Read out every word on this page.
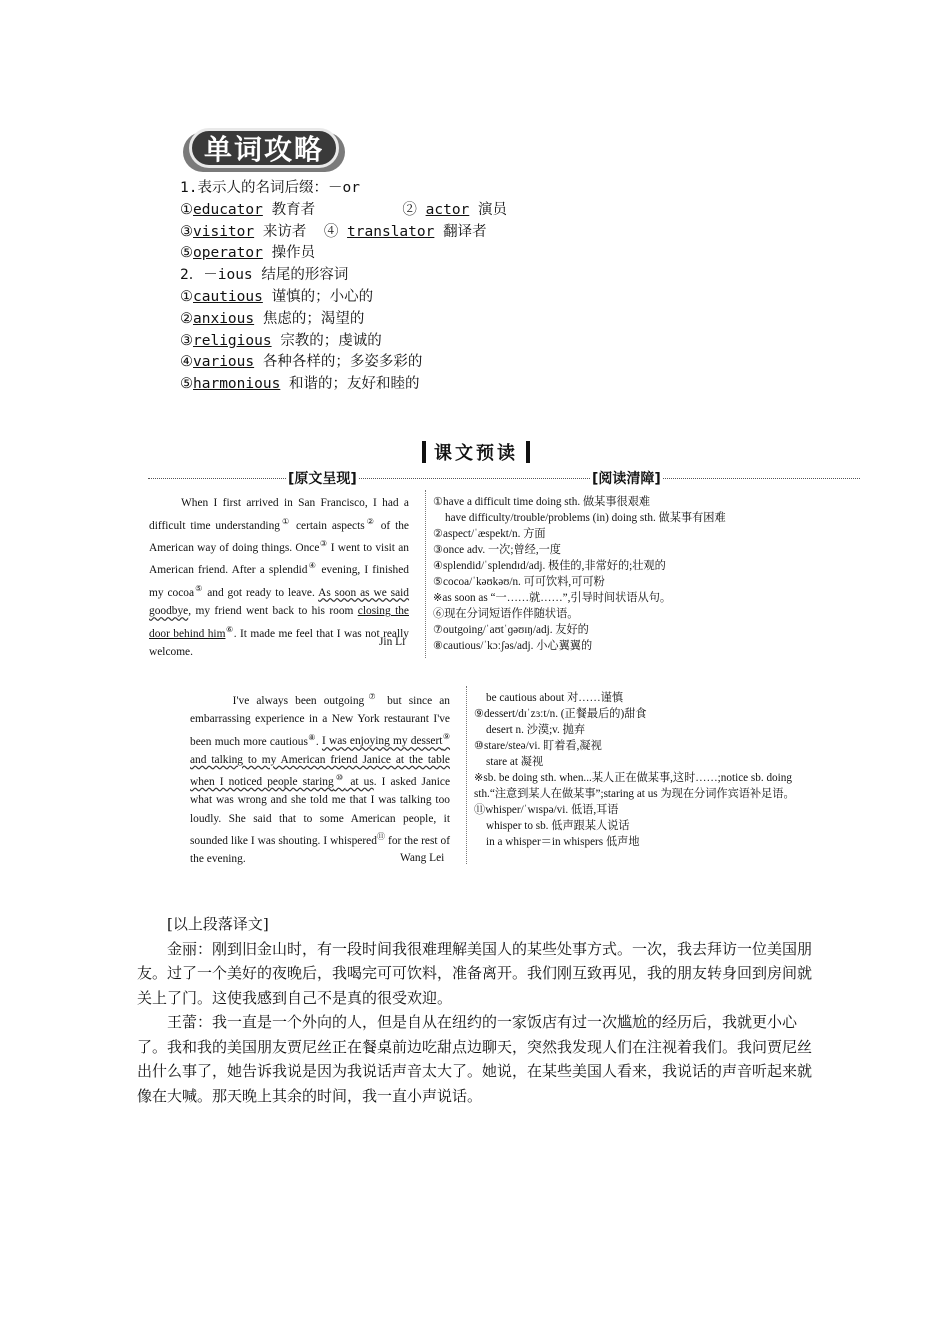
单词攻略
1.表示人的名词后缀：－or
①educator 教育者	② actor 演员
③visitor 来访者 ④ translator 翻译者
⑤operator 操作员
2．－ious 结尾的形容词
①cautious 谨慎的；小心的
②anxious 焦虑的；渴望的
③religious 宗教的；虔诚的
④various 各种各样的；多姿多彩的
⑤harmonious 和谐的；友好和睦的
课文预读
[原文呈现]	[阅读清障]
When I first arrived in San Francisco, I had a difficult time understanding① certain aspects② of the American way of doing things. Once③ I went to visit an American friend. After a splendid④ evening, I finished my cocoa⑤ and got ready to leave. As soon as we said goodbye, my friend went back to his room closing the door behind him⑥. It made me feel that I was not really welcome.
Jin Li
①have a difficult time doing sth. 做某事很艰难
have difficulty/trouble/problems (in) doing sth. 做某事有困难
②aspect/ˈæspekt/n. 方面
③once adv. 一次;曾经,一度
④splendid/ˈsplendɪd/adj. 极佳的,非常好的;壮观的
⑤cocoa/ˈkəʊkəʊ/n. 可可饮料,可可粉
※as soon as “一……就……”,引导时间状语从句。
⑥现在分词短语作伴随状语。
⑦outgoing/ˈaʊtˈɡəʊɪŋ/adj. 友好的
⑧cautious/ˈkɔːʃəs/adj. 小心翼翼的
I've always been outgoing⑦ but since an embarrassing experience in a New York restaurant I've been much more cautious⑧. I was enjoying my dessert⑨ and talking to my American friend Janice at the table when I noticed people staring⑩ at us. I asked Janice what was wrong and she told me that I was talking too loudly. She said that to some American people, it sounded like I was shouting. I whispered⑪ for the rest of the evening.	Wang Lei
be cautious about 对……谨慎
⑨dessert/dɪˈzɜːt/n. (正餐最后的)甜食
desert n. 沙漠;v. 抛弃
⑩stare/steə/vi. 盯着看,凝视
stare at 凝视
※sb. be doing sth. when...某人正在做某事,这时……;notice sb. doing
sth.“注意到某人在做某事”;staring at us 为现在分词作宾语补足语。
⑪whisper/ˈwɪspə/vi. 低语,耳语
whisper to sb. 低声跟某人说话
in a whisper＝in whispers 低声地

[以上段落译文]

金丽：刚到旧金山时，有一段时间我很难理解美国人的某些处事方式。一次，我去拜访一位美国朋友。过了一个美好的夜晚后，我喝完可可饮料，准备离开。我们刚互致再见，我的朋友转身回到房间就关上了门。这使我感到自己不是真的很受欢迎。

王蕾：我一直是一个外向的人，但是自从在纽约的一家饭店有过一次尴尬的经历后，我就更小心了。我和我的美国朋友贾尼丝正在餐桌前边吃甜点边聊天，突然我发现人们在注视着我们。我问贾尼丝出什么事了，她告诉我说是因为我说话声音太大了。她说，在某些美国人看来，我说话的声音听起来就像在大喊。那天晚上其余的时间，我一直小声说话。
